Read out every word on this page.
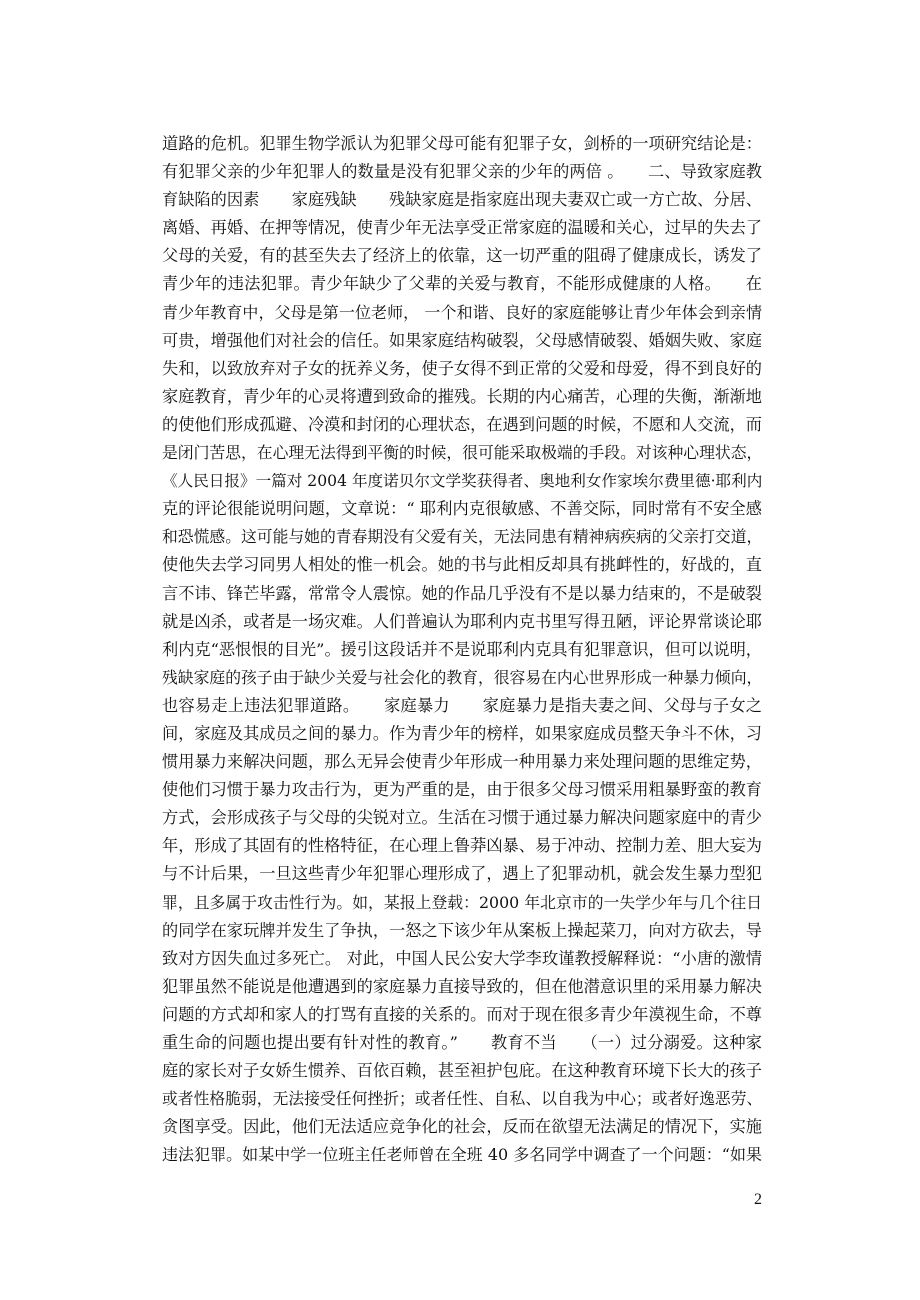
道路的危机。犯罪生物学派认为犯罪父母可能有犯罪子女，剑桥的一项研究结论是：
有犯罪父亲的少年犯罪人的数量是没有犯罪父亲的少年的两倍 。　　二、导致家庭教
育缺陷的因素　　家庭残缺　　残缺家庭是指家庭出现夫妻双亡或一方亡故、分居、
离婚、再婚、在押等情况，使青少年无法享受正常家庭的温暖和关心，过早的失去了
父母的关爱，有的甚至失去了经济上的依靠，这一切严重的阻碍了健康成长，诱发了
青少年的违法犯罪。青少年缺少了父辈的关爱与教育，不能形成健康的人格。　　在
青少年教育中，父母是第一位老师， 一个和谐、良好的家庭能够让青少年体会到亲情
可贵，增强他们对社会的信任。如果家庭结构破裂，父母感情破裂、婚姻失败、家庭
失和，以致放弃对子女的抚养义务，使子女得不到正常的父爱和母爱，得不到良好的
家庭教育，青少年的心灵将遭到致命的摧残。长期的内心痛苦，心理的失衡，渐渐地
的使他们形成孤避、冷漠和封闭的心理状态，在遇到问题的时候，不愿和人交流，而
是闭门苦思，在心理无法得到平衡的时候，很可能采取极端的手段。对该种心理状态，
《人民日报》一篇对 2004 年度诺贝尔文学奖获得者、奥地利女作家埃尔费里德·耶利内
克的评论很能说明问题，文章说：“ 耶利内克很敏感、不善交际，同时常有不安全感
和恐慌感。这可能与她的青春期没有父爱有关，无法同患有精神病疾病的父亲打交道，
使他失去学习同男人相处的惟一机会。她的书与此相反却具有挑衅性的，好战的，直
言不讳、锋芒毕露，常常令人震惊。她的作品几乎没有不是以暴力结束的，不是破裂
就是凶杀，或者是一场灾难。人们普遍认为耶利内克书里写得丑陋，评论界常谈论耶
利内克“恶恨恨的目光”。援引这段话并不是说耶利内克具有犯罪意识，但可以说明，
残缺家庭的孩子由于缺少关爱与社会化的教育，很容易在内心世界形成一种暴力倾向，
也容易走上违法犯罪道路。　　家庭暴力　　家庭暴力是指夫妻之间、父母与子女之
间，家庭及其成员之间的暴力。作为青少年的榜样，如果家庭成员整天争斗不休，习
惯用暴力来解决问题，那么无异会使青少年形成一种用暴力来处理问题的思维定势，
使他们习惯于暴力攻击行为，更为严重的是，由于很多父母习惯采用粗暴野蛮的教育
方式，会形成孩子与父母的尖锐对立。生活在习惯于通过暴力解决问题家庭中的青少
年，形成了其固有的性格特征，在心理上鲁莽凶暴、易于冲动、控制力差、胆大妄为
与不计后果，一旦这些青少年犯罪心理形成了，遇上了犯罪动机，就会发生暴力型犯
罪，且多属于攻击性行为。如，某报上登载：2000 年北京市的一失学少年与几个往日
的同学在家玩牌并发生了争执，一怒之下该少年从案板上操起菜刀，向对方砍去，导
致对方因失血过多死亡。 对此，中国人民公安大学李玫谨教授解释说：“小唐的激情
犯罪虽然不能说是他遭遇到的家庭暴力直接导致的，但在他潜意识里的采用暴力解决
问题的方式却和家人的打骂有直接的关系的。而对于现在很多青少年漠视生命，不尊
重生命的问题也提出要有针对性的教育。”　　教育不当　　（一）过分溺爱。这种家
庭的家长对子女娇生惯养、百依百赖，甚至袒护包庇。在这种教育环境下长大的孩子
或者性格脆弱，无法接受任何挫折；或者任性、自私、以自我为中心；或者好逸恶劳、
贪图享受。因此，他们无法适应竞争化的社会，反而在欲望无法满足的情况下，实施
违法犯罪。如某中学一位班主任老师曾在全班 40 多名同学中调查了一个问题：“如果
2
